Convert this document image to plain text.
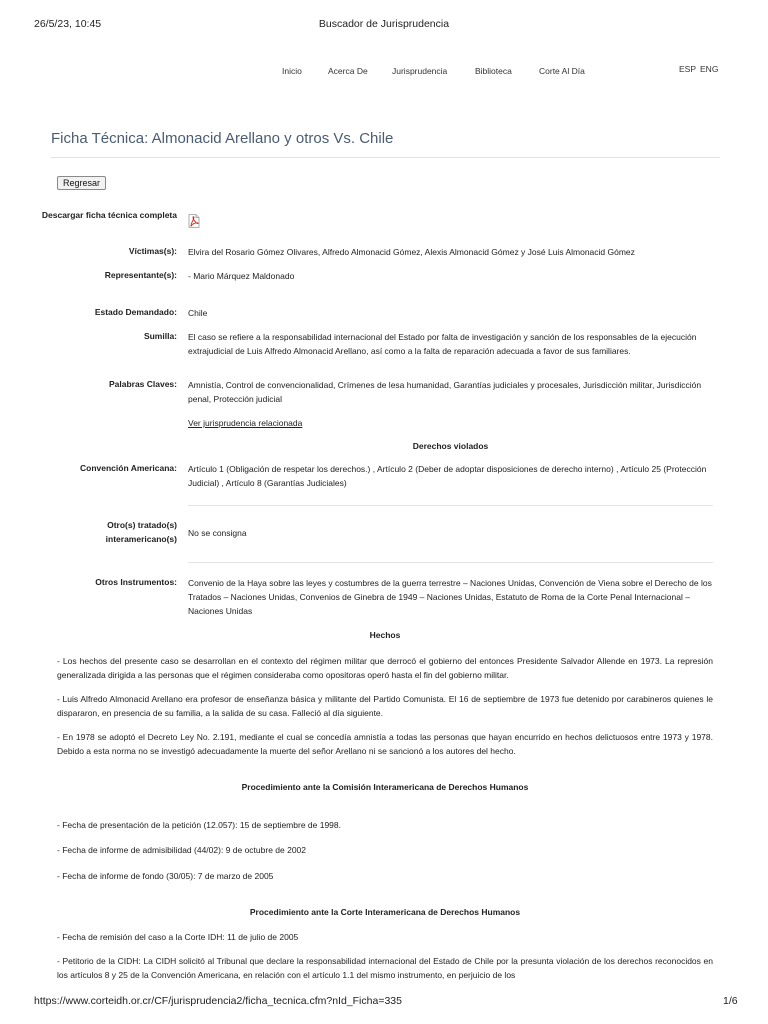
26/5/23, 10:45	Buscador de Jurisprudencia
Inicio	Acerca De	Jurisprudencia	Biblioteca	Corte Al Día	ESP ENG
Ficha Técnica: Almonacid Arellano y otros Vs. Chile
Regresar
Descargar ficha técnica completa
Víctimas(s): Elvira del Rosario Gómez Olivares, Alfredo Almonacid Gómez, Alexis Almonacid Gómez y José Luis Almonacid Gómez
Representante(s): - Mario Márquez Maldonado
Estado Demandado: Chile
Sumilla: El caso se refiere a la responsabilidad internacional del Estado por falta de investigación y sanción de los responsables de la ejecución extrajudicial de Luis Alfredo Almonacid Arellano, así como a la falta de reparación adecuada a favor de sus familiares.
Palabras Claves: Amnistía, Control de convencionalidad, Crímenes de lesa humanidad, Garantías judiciales y procesales, Jurisdicción militar, Jurisdicción penal, Protección judicial
Ver jurisprudencia relacionada
Derechos violados
Convención Americana: Artículo 1 (Obligación de respetar los derechos.) , Artículo 2 (Deber de adoptar disposiciones de derecho interno) , Artículo 25 (Protección Judicial) , Artículo 8 (Garantías Judiciales)
Otro(s) tratado(s) interamericano(s)
No se consigna
Otros Instrumentos: Convenio de la Haya sobre las leyes y costumbres de la guerra terrestre – Naciones Unidas, Convención de Viena sobre el Derecho de los Tratados – Naciones Unidas, Convenios de Ginebra de 1949 – Naciones Unidas, Estatuto de Roma de la Corte Penal Internacional – Naciones Unidas
Hechos
- Los hechos del presente caso se desarrollan en el contexto del régimen militar que derrocó el gobierno del entonces Presidente Salvador Allende en 1973. La represión generalizada dirigida a las personas que el régimen consideraba como opositoras operó hasta el fin del gobierno militar.
- Luis Alfredo Almonacid Arellano era profesor de enseñanza básica y militante del Partido Comunista. El 16 de septiembre de 1973 fue detenido por carabineros quienes le dispararon, en presencia de su familia, a la salida de su casa. Falleció al día siguiente.
- En 1978 se adoptó el Decreto Ley No. 2.191, mediante el cual se concedía amnistía a todas las personas que hayan encurrido en hechos delictuosos entre 1973 y 1978. Debido a esta norma no se investigó adecuadamente la muerte del señor Arellano ni se sancionó a los autores del hecho.
Procedimiento ante la Comisión Interamericana de Derechos Humanos
- Fecha de presentación de la petición (12.057): 15 de septiembre de 1998.
- Fecha de informe de admisibilidad (44/02): 9 de octubre de 2002
- Fecha de informe de fondo (30/05): 7 de marzo de 2005
Procedimiento ante la Corte Interamericana de Derechos Humanos
- Fecha de remisión del caso a la Corte IDH: 11 de julio de 2005
- Petitorio de la CIDH: La CIDH solicitó al Tribunal que declare la responsabilidad internacional del Estado de Chile por la presunta violación de los derechos reconocidos en los artículos 8 y 25 de la Convención Americana, en relación con el artículo 1.1 del mismo instrumento, en perjuicio de los
https://www.corteidh.or.cr/CF/jurisprudencia2/ficha_tecnica.cfm?nId_Ficha=335	1/6
